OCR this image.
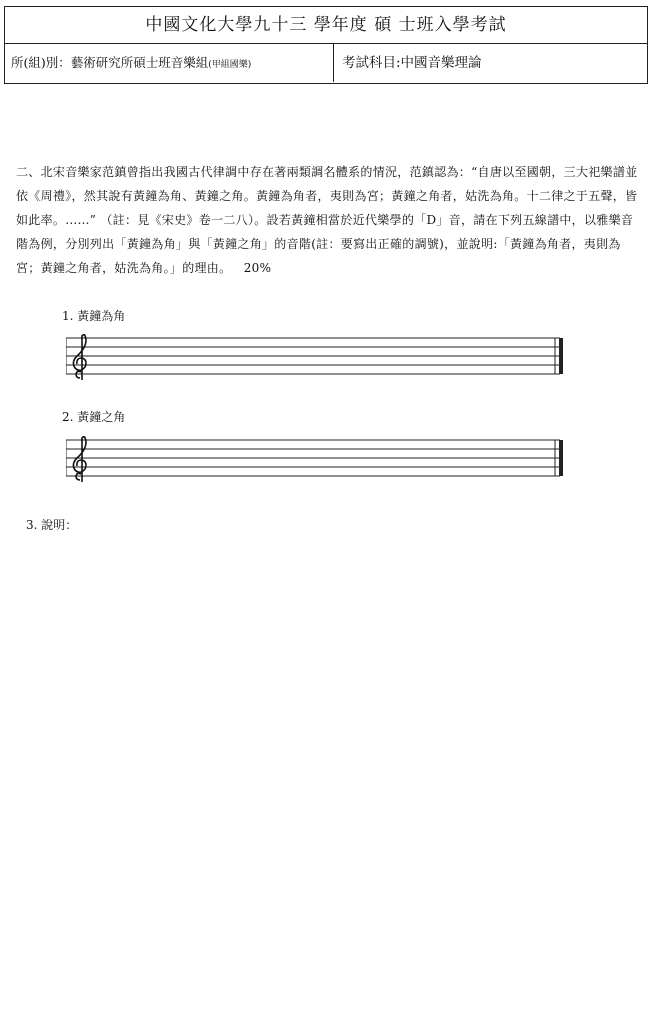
中國文化大學九十三 學年度 碩 士班入學考試
所(組)別：藝術研究所碩士班音樂組(甲組國樂)	考試科目:中國音樂理論
二、北宋音樂家范鎮曾指出我國古代律調中存在著兩類調名體系的情況，范鎮認為：“自唐以至國朝，三大祀樂譜並依《周禮》，然其說有黃鐘為角、黃鐘之角。黃鐘為角者，夷則為宮；黃鐘之角者，姑洗為角。十二律之于五聲，皆如此率。……” （註：見《宋史》卷一二八）。設若黃鐘相當於近代樂學的「D」音，請在下列五線譜中，以雅樂音階為例，分別列出「黃鐘為角」與「黃鐘之角」的音階(註：要寫出正確的調號)，並說明:「黃鐘為角者，夷則為宮；黃鐘之角者，姑洗為角。」的理由。 20%
1. 黃鐘為角
2. 黃鐘之角
3. 說明：
